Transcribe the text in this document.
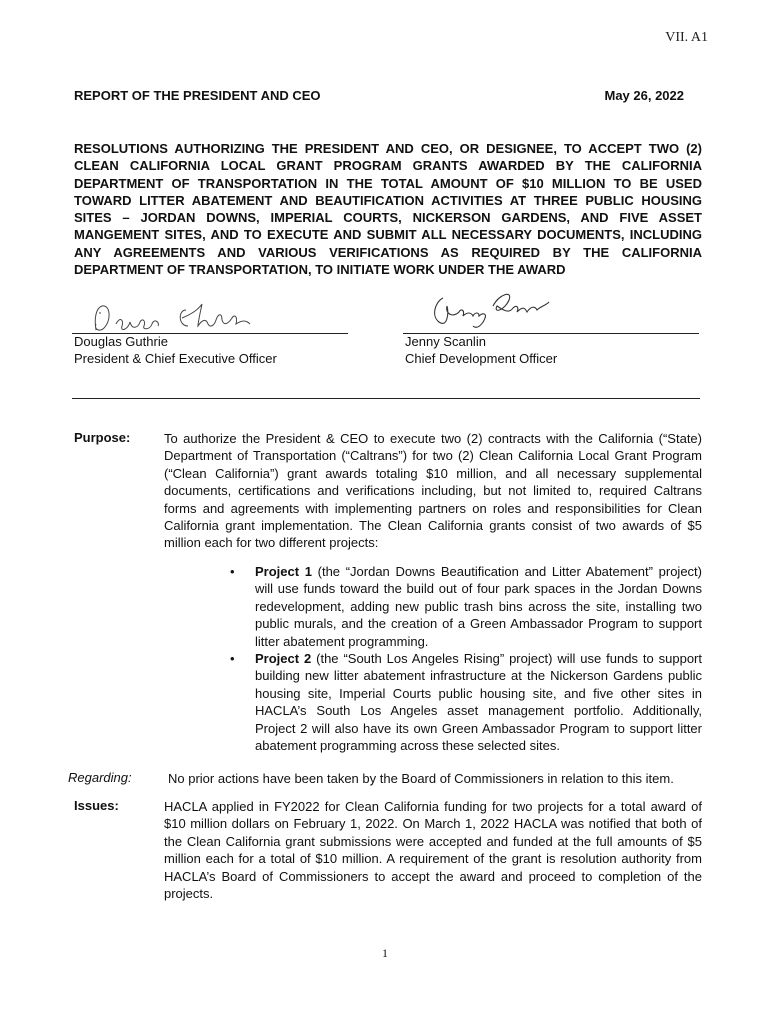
VII. A1
REPORT OF THE PRESIDENT AND CEO	May 26, 2022
RESOLUTIONS AUTHORIZING THE PRESIDENT AND CEO, OR DESIGNEE, TO ACCEPT TWO (2) CLEAN CALIFORNIA LOCAL GRANT PROGRAM GRANTS AWARDED BY THE CALIFORNIA DEPARTMENT OF TRANSPORTATION IN THE TOTAL AMOUNT OF $10 MILLION TO BE USED TOWARD LITTER ABATEMENT AND BEAUTIFICATION ACTIVITIES AT THREE PUBLIC HOUSING SITES – JORDAN DOWNS, IMPERIAL COURTS, NICKERSON GARDENS, AND FIVE ASSET MANGEMENT SITES, AND TO EXECUTE AND SUBMIT ALL NECESSARY DOCUMENTS, INCLUDING ANY AGREEMENTS AND VARIOUS VERIFICATIONS AS REQUIRED BY THE CALIFORNIA DEPARTMENT OF TRANSPORTATION, TO INITIATE WORK UNDER THE AWARD
Douglas Guthrie
President & Chief Executive Officer
Jenny Scanlin
Chief Development Officer
Purpose:	To authorize the President & CEO to execute two (2) contracts with the California (“State) Department of Transportation (“Caltrans”) for two (2) Clean California Local Grant Program (“Clean California”) grant awards totaling $10 million, and all necessary supplemental documents, certifications and verifications including, but not limited to, required Caltrans forms and agreements with implementing partners on roles and responsibilities for Clean California grant implementation. The Clean California grants consist of two awards of $5 million each for two different projects:
• Project 1 (the “Jordan Downs Beautification and Litter Abatement” project) will use funds toward the build out of four park spaces in the Jordan Downs redevelopment, adding new public trash bins across the site, installing two public murals, and the creation of a Green Ambassador Program to support litter abatement programming.
• Project 2 (the “South Los Angeles Rising” project) will use funds to support building new litter abatement infrastructure at the Nickerson Gardens public housing site, Imperial Courts public housing site, and five other sites in HACLA’s South Los Angeles asset management portfolio. Additionally, Project 2 will also have its own Green Ambassador Program to support litter abatement programming across these selected sites.
Regarding:	No prior actions have been taken by the Board of Commissioners in relation to this item.
Issues:	HACLA applied in FY2022 for Clean California funding for two projects for a total award of $10 million dollars on February 1, 2022. On March 1, 2022 HACLA was notified that both of the Clean California grant submissions were accepted and funded at the full amounts of $5 million each for a total of $10 million. A requirement of the grant is resolution authority from HACLA’s Board of Commissioners to accept the award and proceed to completion of the projects.
1
